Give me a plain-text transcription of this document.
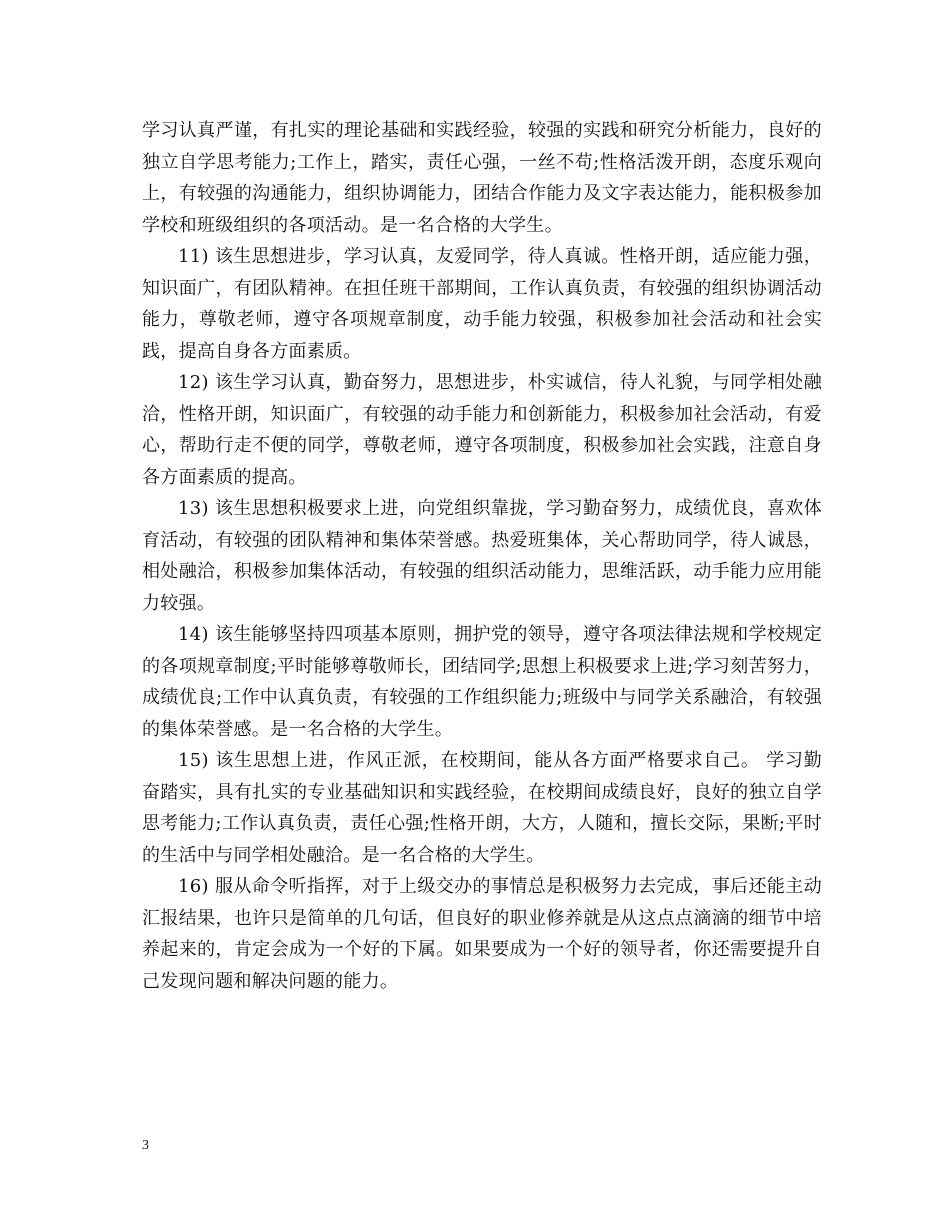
学习认真严谨，有扎实的理论基础和实践经验，较强的实践和研究分析能力，良好的独立自学思考能力;工作上，踏实，责任心强，一丝不苟;性格活泼开朗，态度乐观向上，有较强的沟通能力，组织协调能力，团结合作能力及文字表达能力，能积极参加学校和班级组织的各项活动。是一名合格的大学生。

11) 该生思想进步，学习认真，友爱同学，待人真诚。性格开朗，适应能力强，知识面广，有团队精神。在担任班干部期间，工作认真负责，有较强的组织协调活动能力，尊敬老师，遵守各项规章制度，动手能力较强，积极参加社会活动和社会实践，提高自身各方面素质。

12) 该生学习认真，勤奋努力，思想进步，朴实诚信，待人礼貌，与同学相处融洽，性格开朗，知识面广，有较强的动手能力和创新能力，积极参加社会活动，有爱心，帮助行走不便的同学，尊敬老师，遵守各项制度，积极参加社会实践，注意自身各方面素质的提高。

13) 该生思想积极要求上进，向党组织靠拢，学习勤奋努力，成绩优良，喜欢体育活动，有较强的团队精神和集体荣誉感。热爱班集体，关心帮助同学，待人诚恳，相处融洽，积极参加集体活动，有较强的组织活动能力，思维活跃，动手能力应用能力较强。

14) 该生能够坚持四项基本原则，拥护党的领导，遵守各项法律法规和学校规定的各项规章制度;平时能够尊敬师长，团结同学;思想上积极要求上进;学习刻苦努力，成绩优良;工作中认真负责，有较强的工作组织能力;班级中与同学关系融洽，有较强的集体荣誉感。是一名合格的大学生。

15) 该生思想上进，作风正派，在校期间，能从各方面严格要求自己。 学习勤奋踏实，具有扎实的专业基础知识和实践经验，在校期间成绩良好，良好的独立自学思考能力;工作认真负责，责任心强;性格开朗，大方，人随和，擅长交际，果断;平时的生活中与同学相处融洽。是一名合格的大学生。

16) 服从命令听指挥，对于上级交办的事情总是积极努力去完成，事后还能主动汇报结果，也许只是简单的几句话，但良好的职业修养就是从这点点滴滴的细节中培养起来的，肯定会成为一个好的下属。如果要成为一个好的领导者，你还需要提升自己发现问题和解决问题的能力。

3
